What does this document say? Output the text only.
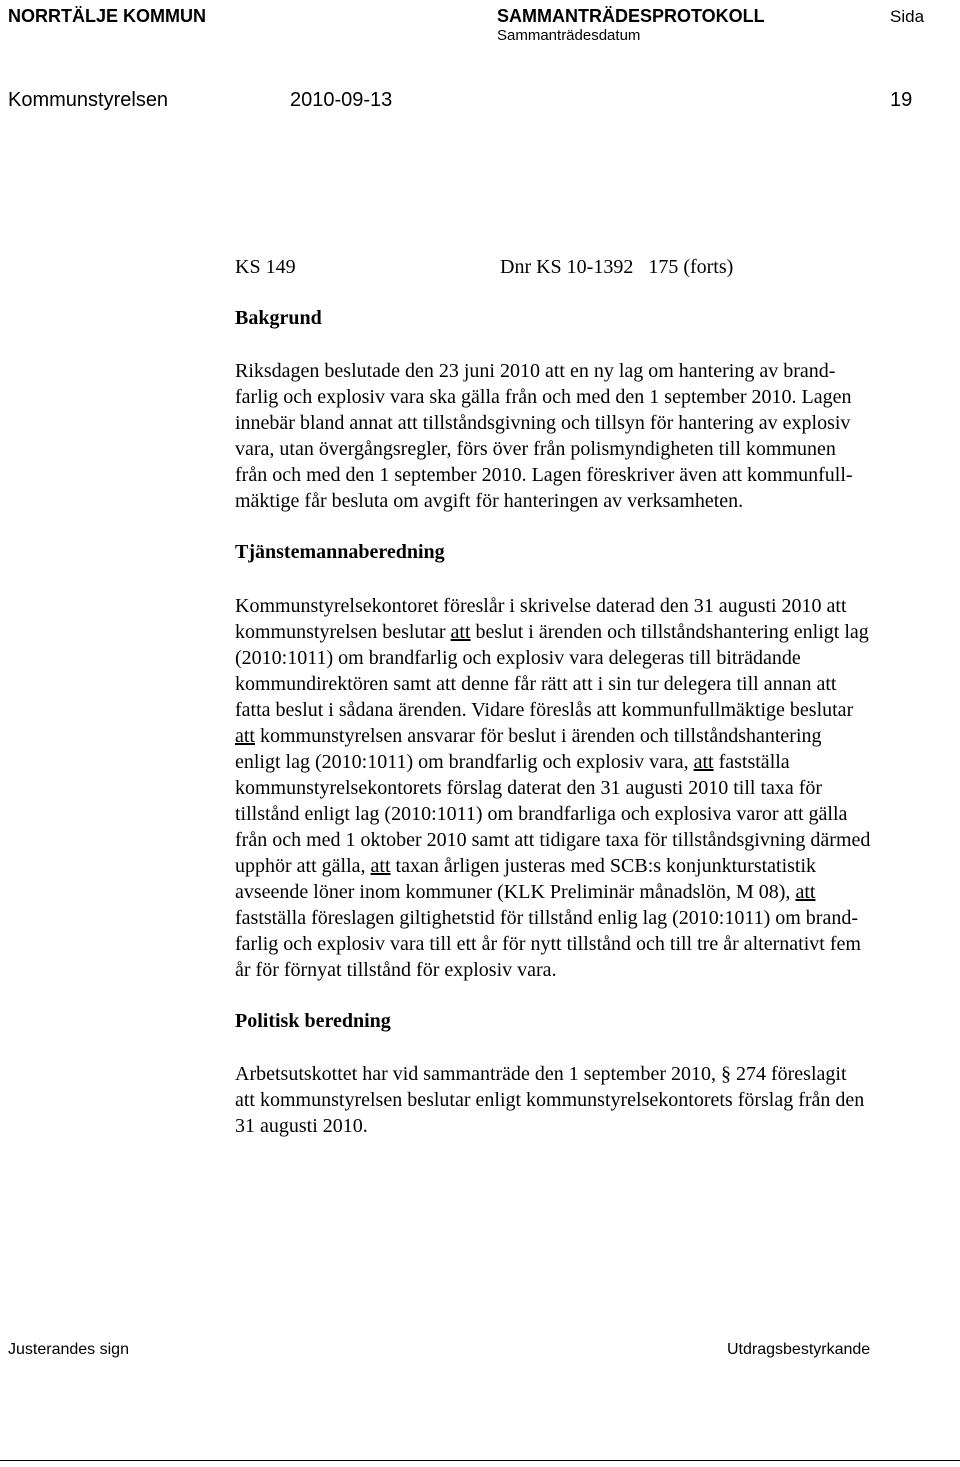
NORRTÄLJE KOMMUN	SAMMANTRÄDESPROTOKOLL
Sammanträdesdatum
Sida
Kommunstyrelsen	2010-09-13	19
KS 149	Dnr KS 10-1392   175 (forts)
Bakgrund
Riksdagen beslutade den 23 juni 2010 att en ny lag om hantering av brand-
farlig och explosiv vara ska gälla från och med den 1 september 2010. Lagen
innebär bland annat att tillståndsgivning och tillsyn för hantering av explosiv
vara, utan övergångsregler, förs över från polismyndigheten till kommunen
från och med den 1 september 2010. Lagen föreskriver även att kommunfull-
mäktige får besluta om avgift för hanteringen av verksamheten.
Tjänstemannaberedning
Kommunstyrelsekontoret föreslår i skrivelse daterad den 31 augusti 2010 att
kommunstyrelsen beslutar att beslut i ärenden och tillståndshantering enligt lag
(2010:1011) om brandfarlig och explosiv vara delegeras till biträdande
kommundirektören samt att denne får rätt att i sin tur delegera till annan att
fatta beslut i sådana ärenden. Vidare föreslås att kommunfullmäktige beslutar
att kommunstyrelsen ansvarar för beslut i ärenden och tillståndshantering
enligt lag (2010:1011) om brandfarlig och explosiv vara, att fastställa
kommunstyrelsekontorets förslag daterat den 31 augusti 2010 till taxa för
tillstånd enligt lag (2010:1011) om brandfarliga och explosiva varor att gälla
från och med 1 oktober 2010 samt att tidigare taxa för tillståndsgivning därmed
upphör att gälla, att taxan årligen justeras med SCB:s konjunkturstatistik
avseende löner inom kommuner (KLK Preliminär månadslön, M 08), att
fastställa föreslagen giltighetstid för tillstånd enlig lag (2010:1011) om brand-
farlig och explosiv vara till ett år för nytt tillstånd och till tre år alternativt fem
år för förnyat tillstånd för explosiv vara.
Politisk beredning
Arbetsutskottet har vid sammanträde den 1 september 2010, § 274 föreslagit
att kommunstyrelsen beslutar enligt kommunstyrelsekontorets förslag från den
31 augusti 2010.
Justerandes sign	Utdragsbestyrkande
